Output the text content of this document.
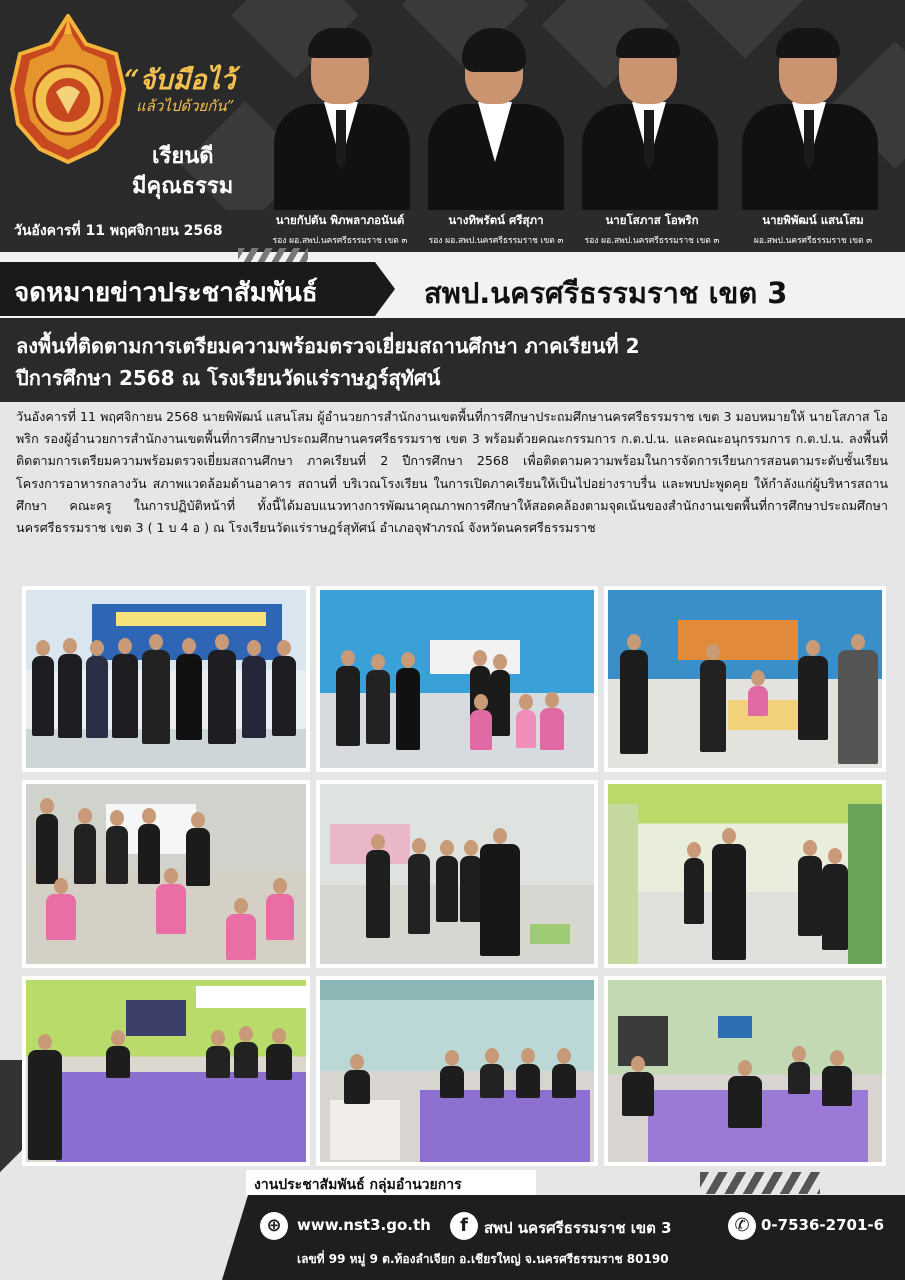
“จับมือไว้
แล้วไปด้วยกัน”
เรียนดี
มีคุณธรรม
วันอังคารที่ 11 พฤศจิกายน 2568
นายกัปตัน พิภพลาภอนันต์
รอง ผอ.สพป.นครศรีธรรมราช เขต ๓
นางทิพรัตน์ ศรีสุภา
รอง ผอ.สพป.นครศรีธรรมราช เขต ๓
นายโสภาส โอพริก
รอง ผอ.สพป.นครศรีธรรมราช เขต ๓
นายพิพัฒน์ แสนโสม
ผอ.สพป.นครศรีธรรมราช เขต ๓
จดหมายข่าวประชาสัมพันธ์	สพป.นครศรีธรรมราช เขต 3
ลงพื้นที่ติดตามการเตรียมความพร้อมตรวจเยี่ยมสถานศึกษา ภาคเรียนที่ 2
ปีการศึกษา 2568 ณ โรงเรียนวัดแร่ราษฎร์สุทัศน์
วันอังคารที่ 11 พฤศจิกายน 2568 นายพิพัฒน์ แสนโสม ผู้อำนวยการสำนักงานเขตพื้นที่การศึกษาประถมศึกษานครศรีธรรมราช เขต 3 มอบหมายให้ นายโสภาส โอพริก รองผู้อำนวยการสำนักงานเขตพื้นที่การศึกษาประถมศึกษานครศรีธรรมราช เขต 3 พร้อมด้วยคณะกรรมการ ก.ต.ป.น. และคณะอนุกรรมการ ก.ต.ป.น. ลงพื้นที่ติดตามการเตรียมความพร้อมตรวจเยี่ยมสถานศึกษา ภาคเรียนที่ 2 ปีการศึกษา 2568 เพื่อติดตามความพร้อมในการจัดการเรียนการสอนตามระดับชั้นเรียน โครงการอาหารกลางวัน สภาพแวดล้อมด้านอาคาร สถานที่ บริเวณโรงเรียน ในการเปิดภาคเรียนให้เป็นไปอย่างราบรื่น และพบปะพูดคุย ให้กำลังแก่ผู้บริหารสถานศึกษา คณะครู ในการปฏิบัติหน้าที่ ทั้งนี้ได้มอบแนวทางการพัฒนาคุณภาพการศึกษาให้สอดคล้องตามจุดเน้นของสำนักงานเขตพื้นที่การศึกษาประถมศึกษานครศรีธรรมราช เขต 3 ( 1 บ 4 อ ) ณ โรงเรียนวัดแร่ราษฎร์สุทัศน์ อำเภอจุฬาภรณ์ จังหวัดนครศรีธรรมราช
งานประชาสัมพันธ์ กลุ่มอำนวยการ
⊕	www.nst3.go.th	f	สพป นครศรีธรรมราช เขต 3	✆ 0-7536-2701-6
เลขที่ 99 หมู่ 9 ต.ท้องลำเจียก อ.เชียรใหญ่ จ.นครศรีธรรมราช 80190
